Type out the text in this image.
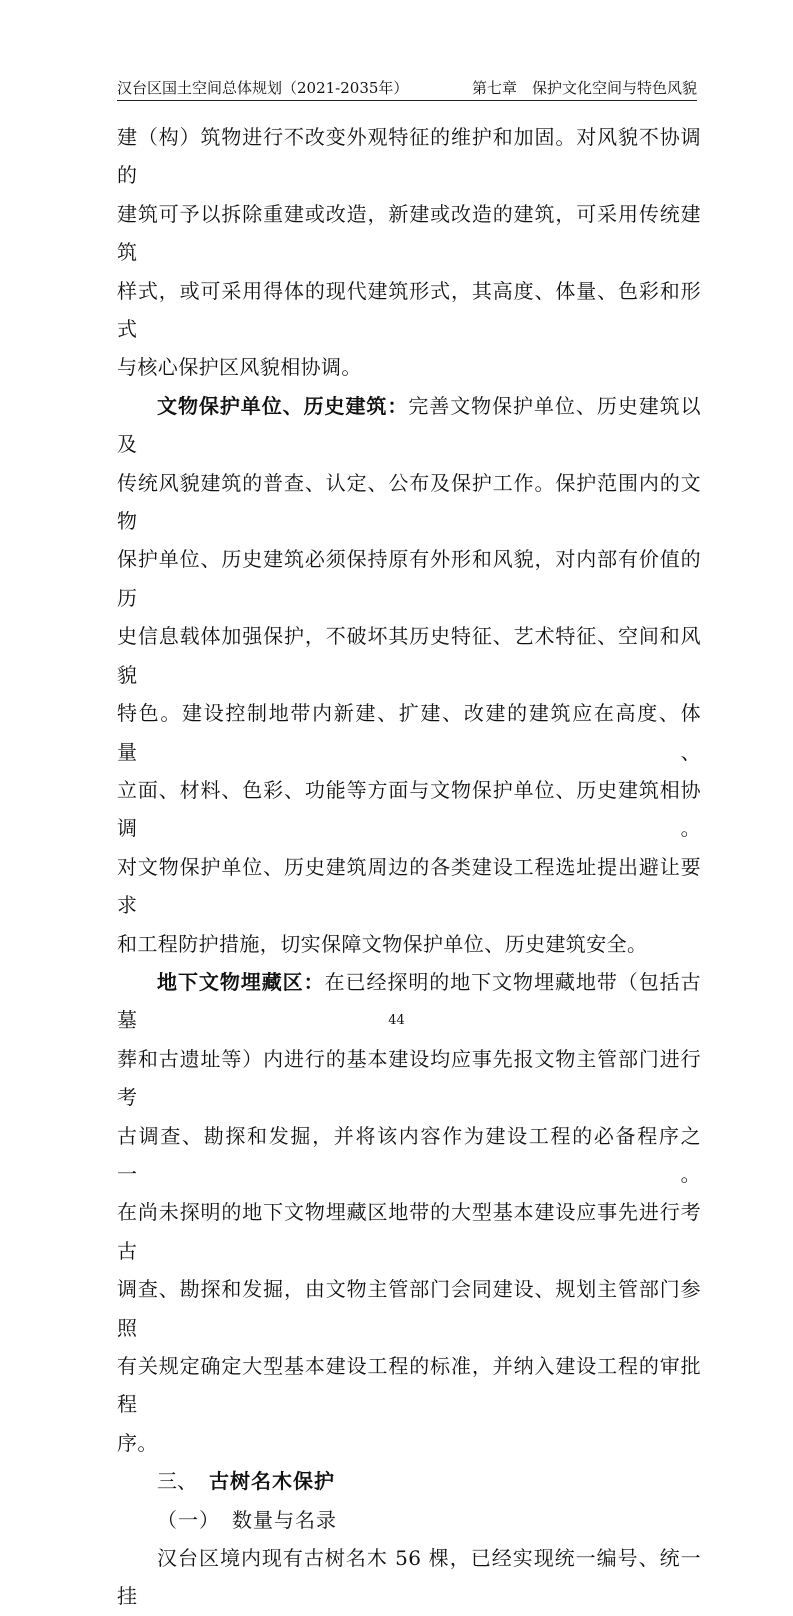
汉台区国土空间总体规划（2021-2035年）	第七章　保护文化空间与特色风貌

建（构）筑物进行不改变外观特征的维护和加固。对风貌不协调的

建筑可予以拆除重建或改造，新建或改造的建筑，可采用传统建筑

样式，或可采用得体的现代建筑形式，其高度、体量、色彩和形式

与核心保护区风貌相协调。

文物保护单位、历史建筑：完善文物保护单位、历史建筑以及

传统风貌建筑的普查、认定、公布及保护工作。保护范围内的文物

保护单位、历史建筑必须保持原有外形和风貌，对内部有价值的历

史信息载体加强保护，不破坏其历史特征、艺术特征、空间和风貌

特色。建设控制地带内新建、扩建、改建的建筑应在高度、体量、

立面、材料、色彩、功能等方面与文物保护单位、历史建筑相协调。

对文物保护单位、历史建筑周边的各类建设工程选址提出避让要求

和工程防护措施，切实保障文物保护单位、历史建筑安全。

地下文物埋藏区：在已经探明的地下文物埋藏地带（包括古墓

葬和古遗址等）内进行的基本建设均应事先报文物主管部门进行考

古调查、勘探和发掘，并将该内容作为建设工程的必备程序之一。

在尚未探明的地下文物埋藏区地带的大型基本建设应事先进行考古

调查、勘探和发掘，由文物主管部门会同建设、规划主管部门参照

有关规定确定大型基本建设工程的标准，并纳入建设工程的审批程

序。

三、 古树名木保护

（一） 数量与名录

汉台区境内现有古树名木 56 棵，已经实现统一编号、统一挂

44
